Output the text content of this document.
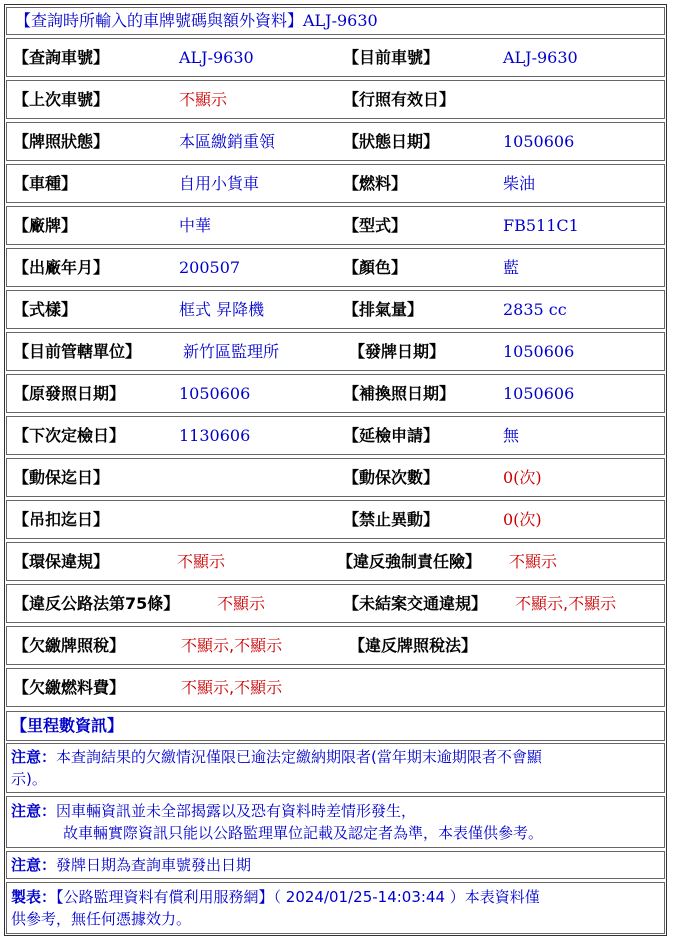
【查詢時所輸入的車牌號碼與額外資料】ALJ-9630
【查詢車號】	ALJ-9630	【目前車號】	ALJ-9630
【上次車號】	不顯示	【行照有效日】
【牌照狀態】	本區繳銷重領	【狀態日期】	1050606
【車種】	自用小貨車	【燃料】	柴油
【廠牌】	中華	【型式】	FB511C1
【出廠年月】	200507	【顏色】	藍
【式樣】	框式 昇降機	【排氣量】	2835 cc
【目前管轄單位】	新竹區監理所	【發牌日期】	1050606
【原發照日期】	1050606	【補換照日期】	1050606
【下次定檢日】	1130606	【延檢申請】	無
【動保迄日】	【動保次數】	0(次)
【吊扣迄日】	【禁止異動】	0(次)
【環保違規】	不顯示	【違反強制責任險】 不顯示
【違反公路法第75條】 不顯示	【未結案交通違規】 不顯示,不顯示
【欠繳牌照稅】	不顯示,不顯示	【違反牌照稅法】
【欠繳燃料費】	不顯示,不顯示
【里程數資訊】
注意：本查詢結果的欠繳情況僅限已逾法定繳納期限者(當年期末逾期限者不會顯
示)。
注意：因車輛資訊並未全部揭露以及恐有資料時差情形發生，
故車輛實際資訊只能以公路監理單位記載及認定者為準，本表僅供參考。
注意：發牌日期為查詢車號發出日期
製表：【公路監理資料有償利用服務網】（ 2024/01/25-14:03:44 ）本表資料僅
供參考，無任何憑據效力。
